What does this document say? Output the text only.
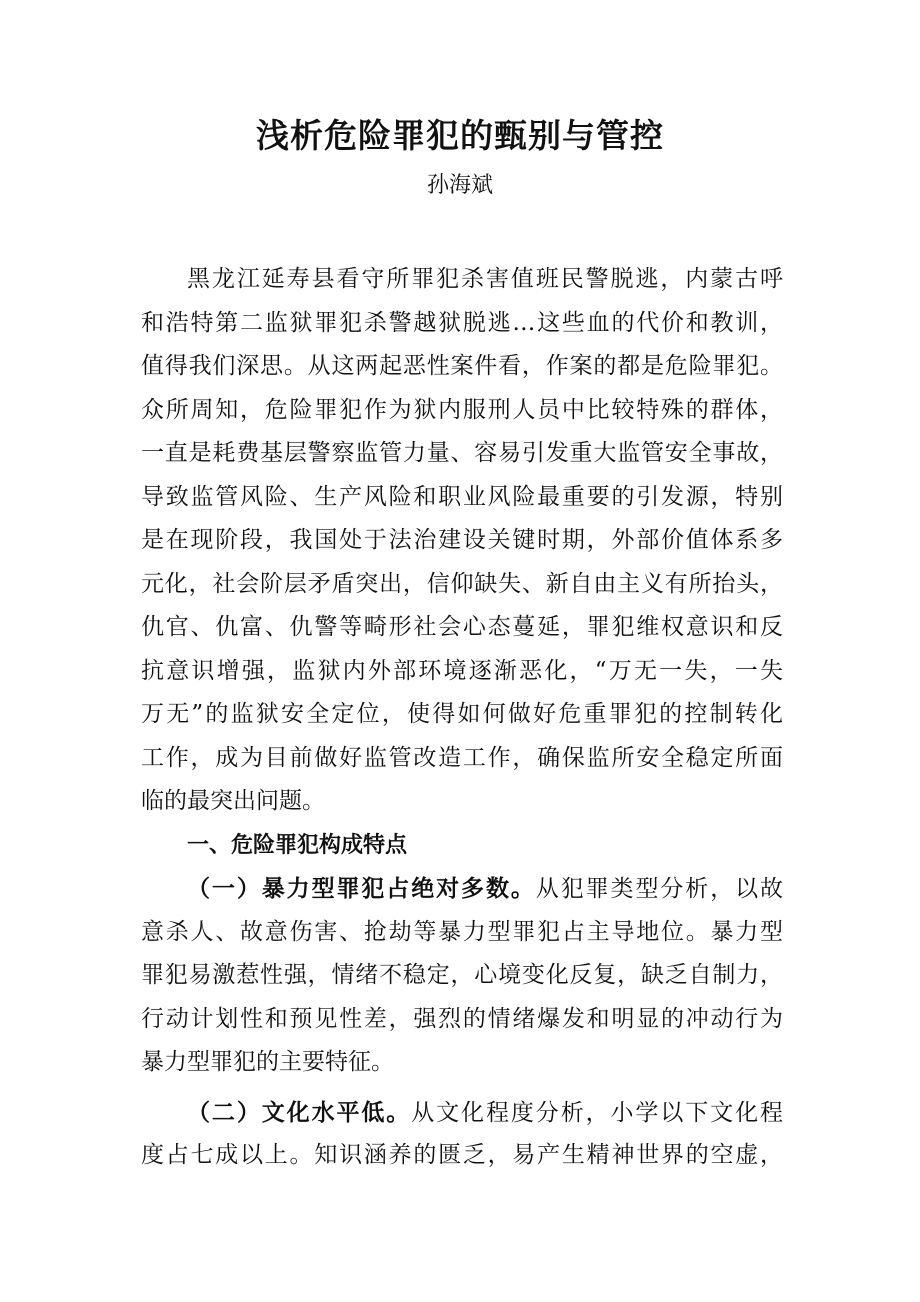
浅析危险罪犯的甄别与管控
孙海斌
黑龙江延寿县看守所罪犯杀害值班民警脱逃，内蒙古呼
和浩特第二监狱罪犯杀警越狱脱逃…这些血的代价和教训，
值得我们深思。从这两起恶性案件看，作案的都是危险罪犯。
众所周知，危险罪犯作为狱内服刑人员中比较特殊的群体，
一直是耗费基层警察监管力量、容易引发重大监管安全事故，
导致监管风险、生产风险和职业风险最重要的引发源，特别
是在现阶段，我国处于法治建设关键时期，外部价值体系多
元化，社会阶层矛盾突出，信仰缺失、新自由主义有所抬头，
仇官、仇富、仇警等畸形社会心态蔓延，罪犯维权意识和反
抗意识增强，监狱内外部环境逐渐恶化，“万无一失，一失
万无”的监狱安全定位，使得如何做好危重罪犯的控制转化
工作，成为目前做好监管改造工作，确保监所安全稳定所面
临的最突出问题。
一、危险罪犯构成特点
（一）暴力型罪犯占绝对多数。从犯罪类型分析，以故
意杀人、故意伤害、抢劫等暴力型罪犯占主导地位。暴力型
罪犯易激惹性强，情绪不稳定，心境变化反复，缺乏自制力，
行动计划性和预见性差，强烈的情绪爆发和明显的冲动行为
暴力型罪犯的主要特征。
（二）文化水平低。从文化程度分析，小学以下文化程
度占七成以上。知识涵养的匮乏，易产生精神世界的空虚，
